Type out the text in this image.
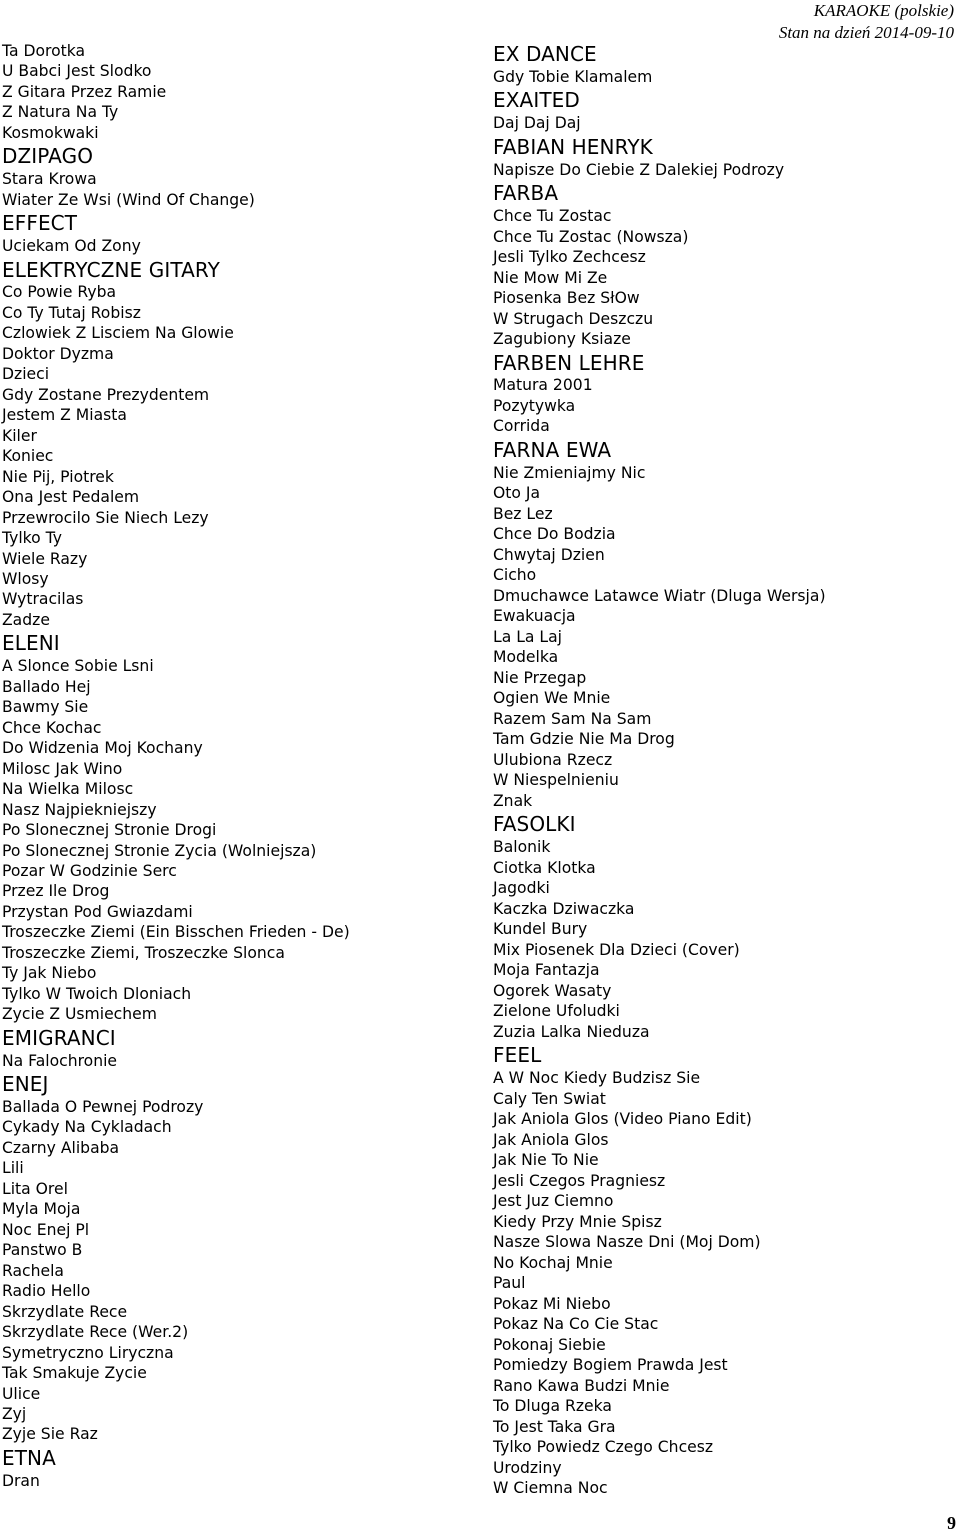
KARAOKE (polskie)
Stan na dzień 2014-09-10
Ta Dorotka
U Babci Jest Slodko
Z Gitara Przez Ramie
Z Natura Na Ty
Kosmokwaki
DZIPAGO
Stara Krowa
Wiater Ze Wsi (Wind Of Change)
EFFECT
Uciekam Od Zony
ELEKTRYCZNE GITARY
Co Powie Ryba
Co Ty Tutaj Robisz
Czlowiek Z Lisciem Na Glowie
Doktor Dyzma
Dzieci
Gdy Zostane Prezydentem
Jestem Z Miasta
Kiler
Koniec
Nie Pij, Piotrek
Ona Jest Pedalem
Przewrocilo Sie Niech Lezy
Tylko Ty
Wiele Razy
Wlosy
Wytracilas
Zadze
ELENI
A Slonce Sobie Lsni
Ballado Hej
Bawmy Sie
Chce Kochac
Do Widzenia Moj Kochany
Milosc Jak Wino
Na Wielka Milosc
Nasz Najpiekniejszy
Po Slonecznej Stronie Drogi
Po Slonecznej Stronie Zycia (Wolniejsza)
Pozar W Godzinie Serc
Przez Ile Drog
Przystan Pod Gwiazdami
Troszeczke Ziemi (Ein Bisschen Frieden - De)
Troszeczke Ziemi, Troszeczke Slonca
Ty Jak Niebo
Tylko W Twoich Dloniach
Zycie Z Usmiechem
EMIGRANCI
Na Falochronie
ENEJ
Ballada O Pewnej Podrozy
Cykady Na Cykladach
Czarny Alibaba
Lili
Lita Orel
Myla Moja
Noc Enej Pl
Panstwo B
Rachela
Radio Hello
Skrzydlate Rece
Skrzydlate Rece (Wer.2)
Symetryczno Liryczna
Tak Smakuje Zycie
Ulice
Zyj
Zyje Sie Raz
ETNA
Dran
EX DANCE
Gdy Tobie Klamalem
EXAITED
Daj Daj Daj
FABIAN HENRYK
Napisze Do Ciebie Z Dalekiej Podrozy
FARBA
Chce Tu Zostac
Chce Tu Zostac (Nowsza)
Jesli Tylko Zechcesz
Nie Mow Mi Ze
Piosenka Bez SłOw
W Strugach Deszczu
Zagubiony Ksiaze
FARBEN LEHRE
Matura 2001
Pozytywka
Corrida
FARNA EWA
Nie Zmieniajmy Nic
Oto Ja
Bez Lez
Chce Do Bodzia
Chwytaj Dzien
Cicho
Dmuchawce Latawce Wiatr (Dluga Wersja)
Ewakuacja
La La Laj
Modelka
Nie Przegap
Ogien We Mnie
Razem Sam Na Sam
Tam Gdzie Nie Ma Drog
Ulubiona Rzecz
W Niespelnieniu
Znak
FASOLKI
Balonik
Ciotka Klotka
Jagodki
Kaczka Dziwaczka
Kundel Bury
Mix Piosenek Dla Dzieci (Cover)
Moja Fantazja
Ogorek Wasaty
Zielone Ufoludki
Zuzia Lalka Nieduza
FEEL
A W Noc Kiedy Budzisz Sie
Caly Ten Swiat
Jak Aniola Glos (Video Piano Edit)
Jak Aniola Glos
Jak Nie To Nie
Jesli Czegos Pragniesz
Jest Juz Ciemno
Kiedy Przy Mnie Spisz
Nasze Slowa Nasze Dni (Moj Dom)
No Kochaj Mnie
Paul
Pokaz Mi Niebo
Pokaz Na Co Cie Stac
Pokonaj Siebie
Pomiedzy Bogiem Prawda Jest
Rano Kawa Budzi Mnie
To Dluga Rzeka
To Jest Taka Gra
Tylko Powiedz Czego Chcesz
Urodziny
W Ciemna Noc
9
